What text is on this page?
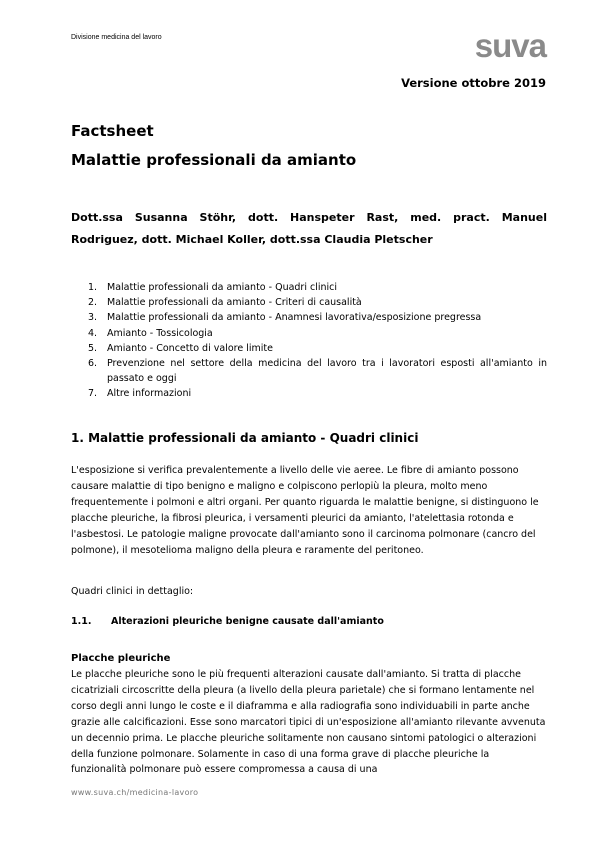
Divisione medicina del lavoro	suva
Versione ottobre 2019
Factsheet
Malattie professionali da amianto
Dott.ssa Susanna Stöhr, dott. Hanspeter Rast, med. pract. Manuel Rodriguez, dott. Michael Koller, dott.ssa Claudia Pletscher
1.	Malattie professionali da amianto - Quadri clinici
2.	Malattie professionali da amianto - Criteri di causalità
3.	Malattie professionali da amianto - Anamnesi lavorativa/esposizione pregressa
4.	Amianto - Tossicologia
5.	Amianto - Concetto di valore limite
6.	Prevenzione nel settore della medicina del lavoro tra i lavoratori esposti all'amianto in passato e oggi
7.	Altre informazioni
1. Malattie professionali da amianto - Quadri clinici

L'esposizione si verifica prevalentemente a livello delle vie aeree. Le fibre di amianto possono causare malattie di tipo benigno e maligno e colpiscono perlopiù la pleura, molto meno frequentemente i polmoni e altri organi. Per quanto riguarda le malattie benigne, si distinguono le placche pleuriche, la fibrosi pleurica, i versamenti pleurici da amianto, l'atelettasia rotonda e l'asbestosi. Le patologie maligne provocate dall'amianto sono il carcinoma polmonare (cancro del polmone), il mesotelioma maligno della pleura e raramente del peritoneo.

Quadri clinici in dettaglio:

1.1. Alterazioni pleuriche benigne causate dall'amianto
Placche pleuriche

Le placche pleuriche sono le più frequenti alterazioni causate dall'amianto. Si tratta di placche cicatriziali circoscritte della pleura (a livello della pleura parietale) che si formano lentamente nel corso degli anni lungo le coste e il diaframma e alla radiografia sono individuabili in parte anche grazie alle calcificazioni. Esse sono marcatori tipici di un'esposizione all'amianto rilevante avvenuta un decennio prima. Le placche pleuriche solitamente non causano sintomi patologici o alterazioni della funzione polmonare. Solamente in caso di una forma grave di placche pleuriche la funzionalità polmonare può essere compromessa a causa di una

www.suva.ch/medicina-lavoro
